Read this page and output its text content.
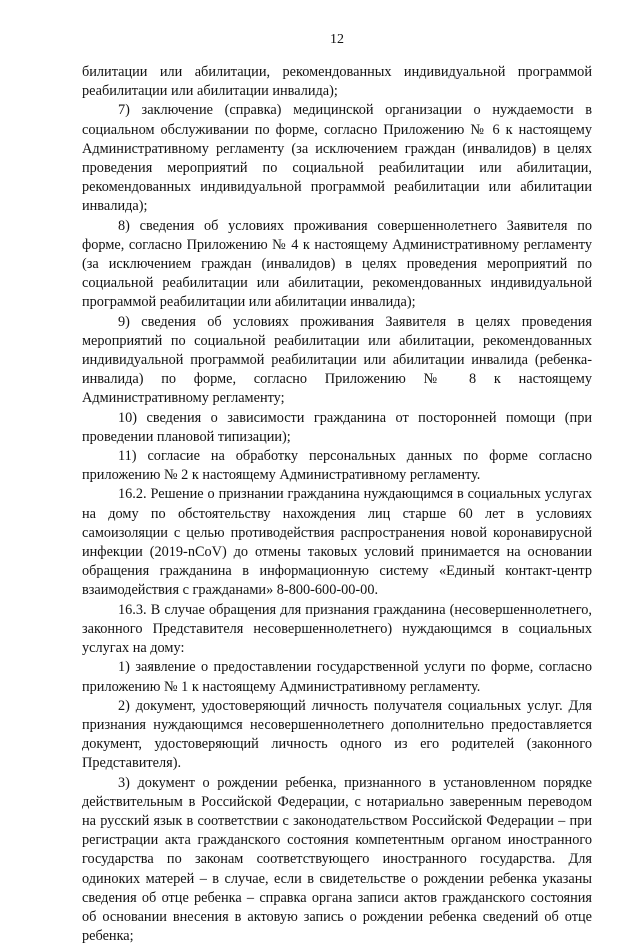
12

билитации или абилитации, рекомендованных индивидуальной программой реабилитации или абилитации инвалида);

7) заключение (справка) медицинской организации о нуждаемости в социальном обслуживании по форме, согласно Приложению № 6 к настоящему Административному регламенту (за исключением граждан (инвалидов) в целях проведения мероприятий по социальной реабилитации или абилитации, рекомендованных индивидуальной программой реабилитации или абилитации инвалида);

8) сведения об условиях проживания совершеннолетнего Заявителя по форме, согласно Приложению № 4 к настоящему Административному регламенту (за исключением граждан (инвалидов) в целях проведения мероприятий по социальной реабилитации или абилитации, рекомендованных индивидуальной программой реабилитации или абилитации инвалида);

9) сведения об условиях проживания Заявителя в целях проведения мероприятий по социальной реабилитации или абилитации, рекомендованных индивидуальной программой реабилитации или абилитации инвалида (ребенка-инвалида) по форме, согласно Приложению № 8 к настоящему Административному регламенту;

10) сведения о зависимости гражданина от посторонней помощи (при проведении плановой типизации);

11) согласие на обработку персональных данных по форме согласно приложению № 2 к настоящему Административному регламенту.

16.2. Решение о признании гражданина нуждающимся в социальных услугах на дому по обстоятельству нахождения лиц старше 60 лет в условиях самоизоляции с целью противодействия распространения новой коронавирусной инфекции (2019-nCoV) до отмены таковых условий принимается на основании обращения гражданина в информационную систему «Единый контакт-центр взаимодействия с гражданами» 8-800-600-00-00.

16.3. В случае обращения для признания гражданина (несовершеннолетнего, законного Представителя несовершеннолетнего) нуждающимся в социальных услугах на дому:

1) заявление о предоставлении государственной услуги по форме, согласно приложению № 1 к настоящему Административному регламенту.

2) документ, удостоверяющий личность получателя социальных услуг. Для признания нуждающимся несовершеннолетнего дополнительно предоставляется документ, удостоверяющий личность одного из его родителей (законного Представителя).

3) документ о рождении ребенка, признанного в установленном порядке действительным в Российской Федерации, с нотариально заверенным переводом на русский язык в соответствии с законодательством Российской Федерации – при регистрации акта гражданского состояния компетентным органом иностранного государства по законам соответствующего иностранного государства. Для одиноких матерей – в случае, если в свидетельстве о рождении ребенка указаны сведения об отце ребенка – справка органа записи актов гражданского состояния об основании внесения в актовую запись о рождении ребенка сведений об отце ребенка;
